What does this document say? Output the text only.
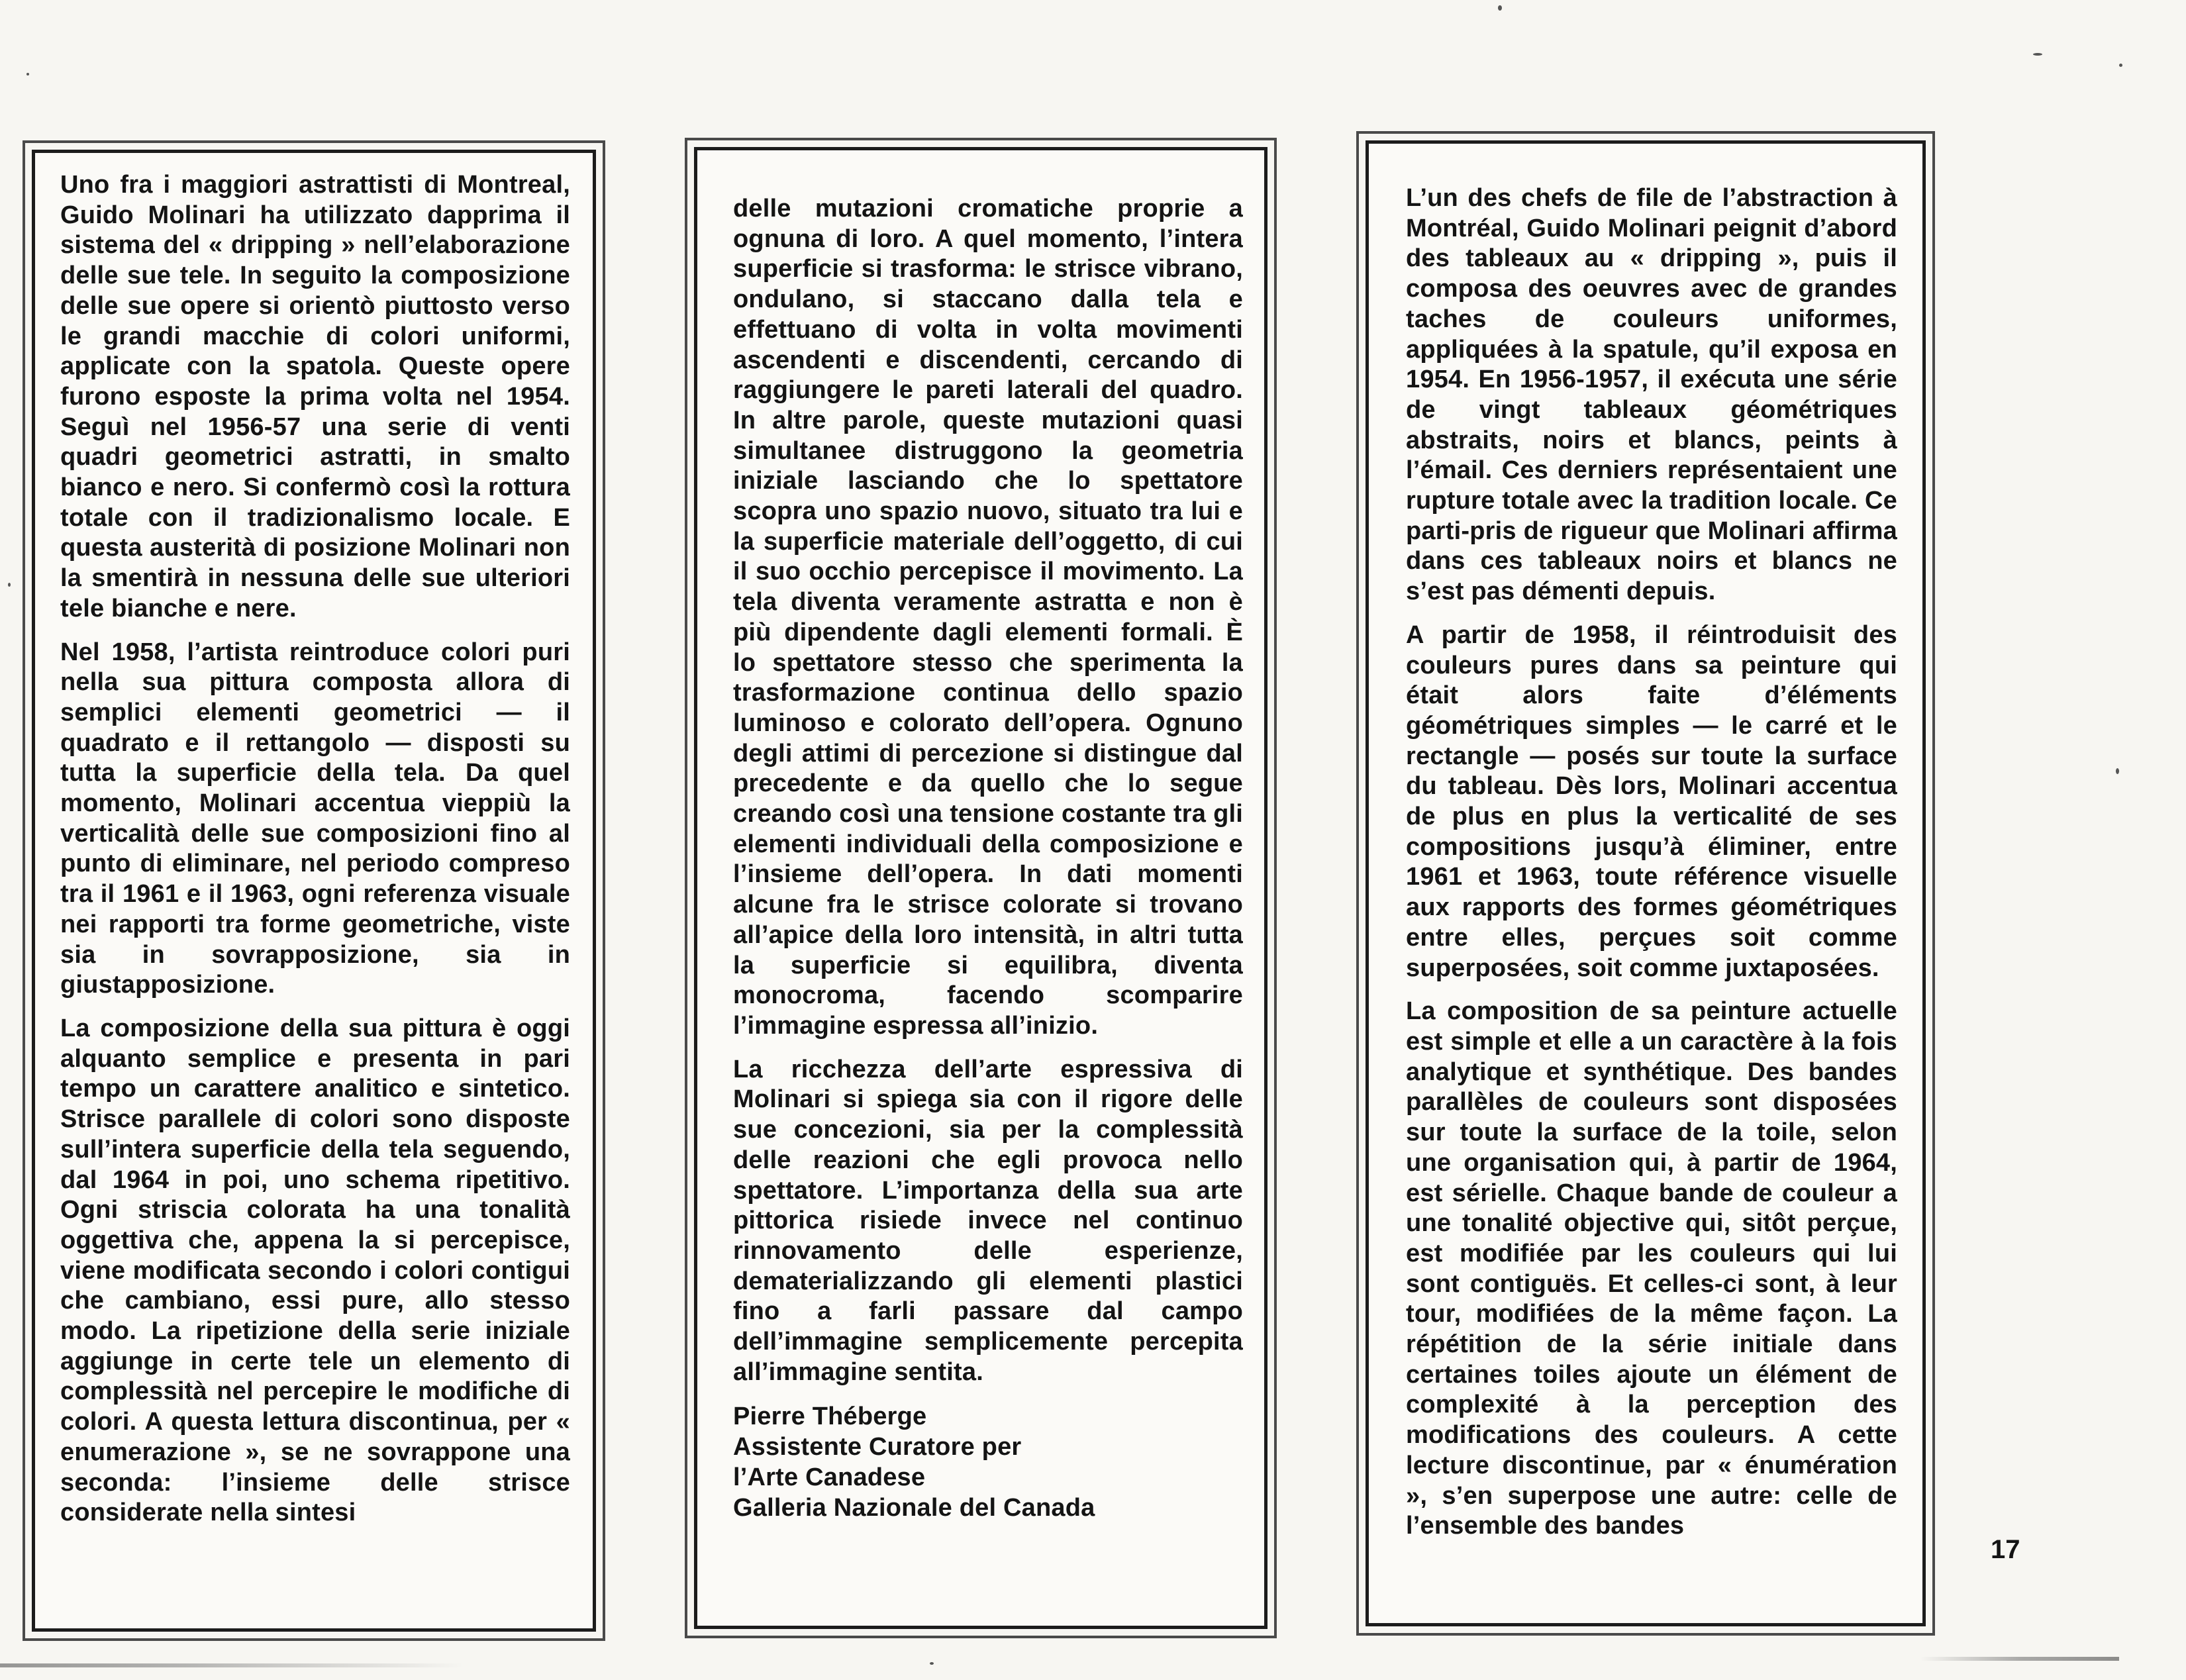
Uno fra i maggiori astrattisti di Montreal, Guido Molinari ha utilizzato dapprima il sistema del « dripping » nell’elaborazione delle sue tele. In seguito la composizione delle sue opere si orientò piuttosto verso le grandi macchie di colori uniformi, applicate con la spatola. Queste opere furono esposte la prima volta nel 1954. Seguì nel 1956-57 una serie di venti quadri geometrici astratti, in smalto bianco e nero. Si confermò così la rottura totale con il tradizionalismo locale. E questa austerità di posizione Molinari non la smentirà in nessuna delle sue ulteriori tele bianche e nere.

Nel 1958, l’artista reintroduce colori puri nella sua pittura composta allora di semplici elementi geometrici — il quadrato e il rettangolo — disposti su tutta la superficie della tela. Da quel momento, Molinari accentua vieppiù la verticalità delle sue composizioni fino al punto di eliminare, nel periodo compreso tra il 1961 e il 1963, ogni referenza visuale nei rapporti tra forme geometriche, viste sia in sovrapposizione, sia in giustapposizione.

La composizione della sua pittura è oggi alquanto semplice e presenta in pari tempo un carattere analitico e sintetico. Strisce parallele di colori sono disposte sull’intera superficie della tela seguendo, dal 1964 in poi, uno schema ripetitivo. Ogni striscia colorata ha una tonalità oggettiva che, appena la si percepisce, viene modificata secondo i colori contigui che cambiano, essi pure, allo stesso modo. La ripetizione della serie iniziale aggiunge in certe tele un elemento di complessità nel percepire le modifiche di colori. A questa lettura discontinua, per « enumerazione », se ne sovrappone una seconda: l’insieme delle strisce considerate nella sintesi

delle mutazioni cromatiche proprie a ognuna di loro. A quel momento, l’intera superficie si trasforma: le strisce vibrano, ondulano, si staccano dalla tela e effettuano di volta in volta movimenti ascendenti e discendenti, cercando di raggiungere le pareti laterali del quadro. In altre parole, queste mutazioni quasi simultanee distruggono la geometria iniziale lasciando che lo spettatore scopra uno spazio nuovo, situato tra lui e la superficie materiale dell’oggetto, di cui il suo occhio percepisce il movimento. La tela diventa veramente astratta e non è più dipendente dagli elementi formali. È lo spettatore stesso che sperimenta la trasformazione continua dello spazio luminoso e colorato dell’opera. Ognuno degli attimi di percezione si distingue dal precedente e da quello che lo segue creando così una tensione costante tra gli elementi individuali della composizione e l’insieme dell’opera. In dati momenti alcune fra le strisce colorate si trovano all’apice della loro intensità, in altri tutta la superficie si equilibra, diventa monocroma, facendo scomparire l’immagine espressa all’inizio.

La ricchezza dell’arte espressiva di Molinari si spiega sia con il rigore delle sue concezioni, sia per la complessità delle reazioni che egli provoca nello spettatore. L’importanza della sua arte pittorica risiede invece nel continuo rinnovamento delle esperienze, dematerializzando gli elementi plastici fino a farli passare dal campo dell’immagine semplicemente percepita all’immagine sentita.

Pierre Théberge
Assistente Curatore per
l’Arte Canadese
Galleria Nazionale del Canada

L’un des chefs de file de l’abstraction à Montréal, Guido Molinari peignit d’abord des tableaux au « dripping », puis il composa des oeuvres avec de grandes taches de couleurs uniformes, appliquées à la spatule, qu’il exposa en 1954. En 1956-1957, il exécuta une série de vingt tableaux géométriques abstraits, noirs et blancs, peints à l’émail. Ces derniers représentaient une rupture totale avec la tradition locale. Ce parti-pris de rigueur que Molinari affirma dans ces tableaux noirs et blancs ne s’est pas démenti depuis.

A partir de 1958, il réintroduisit des couleurs pures dans sa peinture qui était alors faite d’éléments géométriques simples — le carré et le rectangle — posés sur toute la surface du tableau. Dès lors, Molinari accentua de plus en plus la verticalité de ses compositions jusqu’à éliminer, entre 1961 et 1963, toute référence visuelle aux rapports des formes géométriques entre elles, perçues soit comme superposées, soit comme juxtaposées.

La composition de sa peinture actuelle est simple et elle a un caractère à la fois analytique et synthétique. Des bandes parallèles de couleurs sont disposées sur toute la surface de la toile, selon une organisation qui, à partir de 1964, est sérielle. Chaque bande de couleur a une tonalité objective qui, sitôt perçue, est modifiée par les couleurs qui lui sont contiguës. Et celles-ci sont, à leur tour, modifiées de la même façon. La répétition de la série initiale dans certaines toiles ajoute un élément de complexité à la perception des modifications des couleurs. A cette lecture discontinue, par « énumération », s’en superpose une autre: celle de l’ensemble des bandes

17
